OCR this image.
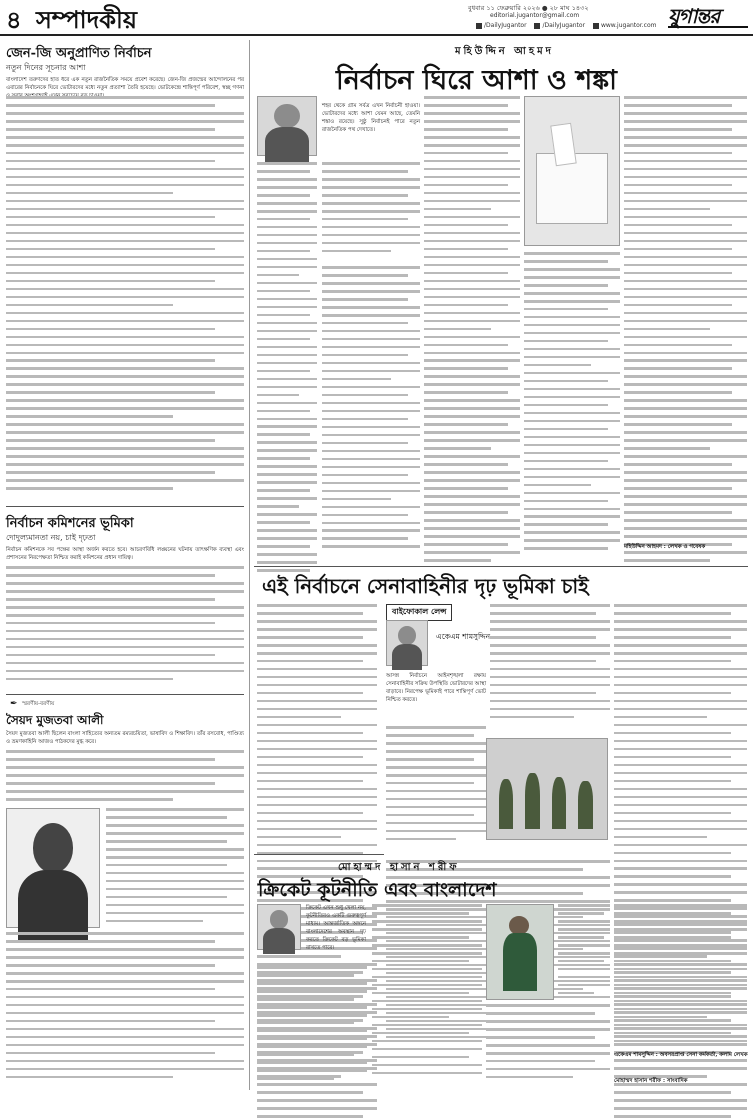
৪ সম্পাদকীয়	বুধবার ১১ ফেব্রুয়ারি ২০২৬ ● ২৮ মাঘ ১৪৩২
editorial.jugantor@gmail.com
/DailyJugantor	/DailyJugantor	www.jugantor.com যুগান্তর
জেন-জি অনুপ্রাণিত নির্বাচন
নতুন দিনের সূচনার আশা
বাংলাদেশ তরুণদের হাত ধরে এক নতুন রাজনৈতিক সময়ে প্রবেশ করেছে। জেন-জি প্রজন্মের আন্দোলনের পর এবারের নির্বাচনকে ঘিরে ভোটারদের মধ্যে নতুন প্রত্যাশা তৈরি হয়েছে। ভোটকেন্দ্রে শান্তিপূর্ণ পরিবেশ, স্বচ্ছ গণনা
নির্বাচন কমিশনের ভূমিকা
দোদুল্যমানতা নয়, চাই দৃঢ়তা
নির্বাচন কমিশনকে সব পক্ষের আস্থা অর্জন করতে হবে। আচরণবিধি লঙ্ঘনের ঘটনায় তাৎক্ষণিক ব্যবস্থা এবং প্রশাসনের নিরপেক্ষতা নিশ্চিত করাই কমিশনের প্রধান দায়িত্ব।
✒ স্মরণীয়-বরণীয়
সৈয়দ মুজতবা আলী
সৈয়দ মুজতবা আলী ছিলেন বাংলা সাহিত্যের অন্যতম রম্যরচয়িতা, ভাষাবিদ ও শিক্ষাবিদ। তাঁর রসবোধ, পাণ্ডিত্য ও ভ্রমণকাহিনি আজও পাঠকদের মুগ্ধ করে।
মহিউদ্দিন আহমদ
নির্বাচন ঘিরে আশা ও শঙ্কা
শহর থেকে গ্রাম সর্বত্র এখন নির্বাচনী হাওয়া। ভোটারদের মধ্যে আশা যেমন আছে, তেমনি শঙ্কাও রয়েছে। সুষ্ঠু নির্বাচনই পারে নতুন রাজনৈতিক পথ দেখাতে।
মহিউদ্দিন আহমদ : লেখক ও গবেষক
এই নির্বাচনে সেনাবাহিনীর দৃঢ় ভূমিকা চাই
বাইফোকাল লেন্স
একেএম শামসুদ্দিন
আসন্ন নির্বাচনে আইনশৃঙ্খলা রক্ষায় সেনাবাহিনীর সক্রিয় উপস্থিতি ভোটারদের আস্থা বাড়াবে। নিরপেক্ষ ভূমিকাই পারে শান্তিপূর্ণ ভোট নিশ্চিত করতে।
একেএম শামসুদ্দিন : অবসরপ্রাপ্ত সেনা কর্মকর্তা, কলাম লেখক
মোহাম্মদ হাসান শরীফ
ক্রিকেট কূটনীতি এবং বাংলাদেশ
ক্রিকেট এখন শুধু খেলা নয়, কূটনীতিরও একটি গুরুত্বপূর্ণ মাধ্যম। আন্তর্জাতিক অঙ্গনে বাংলাদেশের অবস্থান দৃঢ় করতে ক্রিকেট বড় ভূমিকা রাখতে পারে।
মোহাম্মদ হাসান শরীফ : সাংবাদিক
